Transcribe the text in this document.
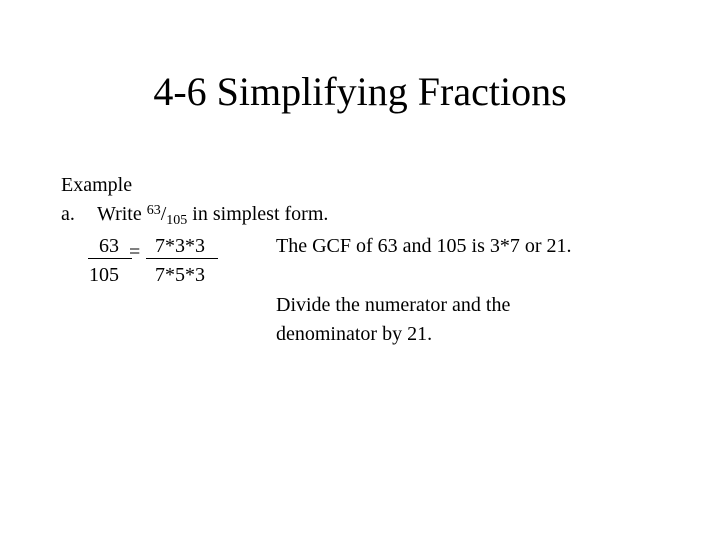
4-6 Simplifying Fractions
Example
a. Write $^{63}/_{105}$ in simplest form.
63
105
= 7*3*3
7*5*3
The GCF of 63 and 105 is 3*7 or 21.
Divide the numerator and the
denominator by 21.
